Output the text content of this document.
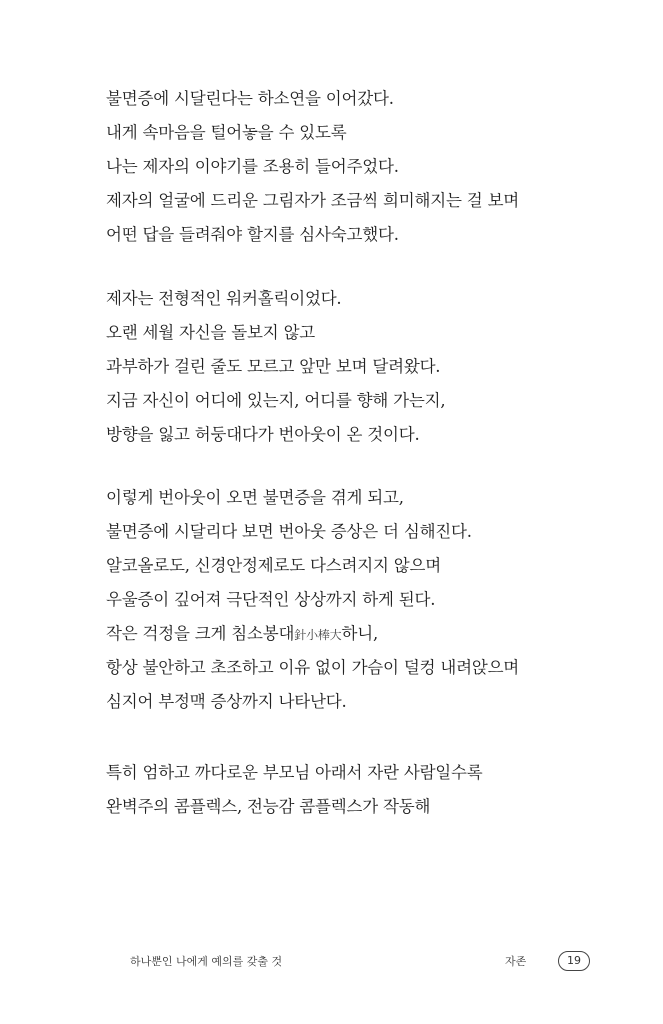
불면증에 시달린다는 하소연을 이어갔다.
내게 속마음을 털어놓을 수 있도록
나는 제자의 이야기를 조용히 들어주었다.
제자의 얼굴에 드리운 그림자가 조금씩 희미해지는 걸 보며
어떤 답을 들려줘야 할지를 심사숙고했다.
제자는 전형적인 워커홀릭이었다.
오랜 세월 자신을 돌보지 않고
과부하가 걸린 줄도 모르고 앞만 보며 달려왔다.
지금 자신이 어디에 있는지, 어디를 향해 가는지,
방향을 잃고 허둥대다가 번아웃이 온 것이다.
이렇게 번아웃이 오면 불면증을 겪게 되고,
불면증에 시달리다 보면 번아웃 증상은 더 심해진다.
알코올로도, 신경안정제로도 다스려지지 않으며
우울증이 깊어져 극단적인 상상까지 하게 된다.
작은 걱정을 크게 침소봉대針小棒大하니,
항상 불안하고 초조하고 이유 없이 가슴이 덜컹 내려앉으며
심지어 부정맥 증상까지 나타난다.
특히 엄하고 까다로운 부모님 아래서 자란 사람일수록
완벽주의 콤플렉스, 전능감 콤플렉스가 작동해
하나뿐인 나에게 예의를 갖출 것	자존	19
